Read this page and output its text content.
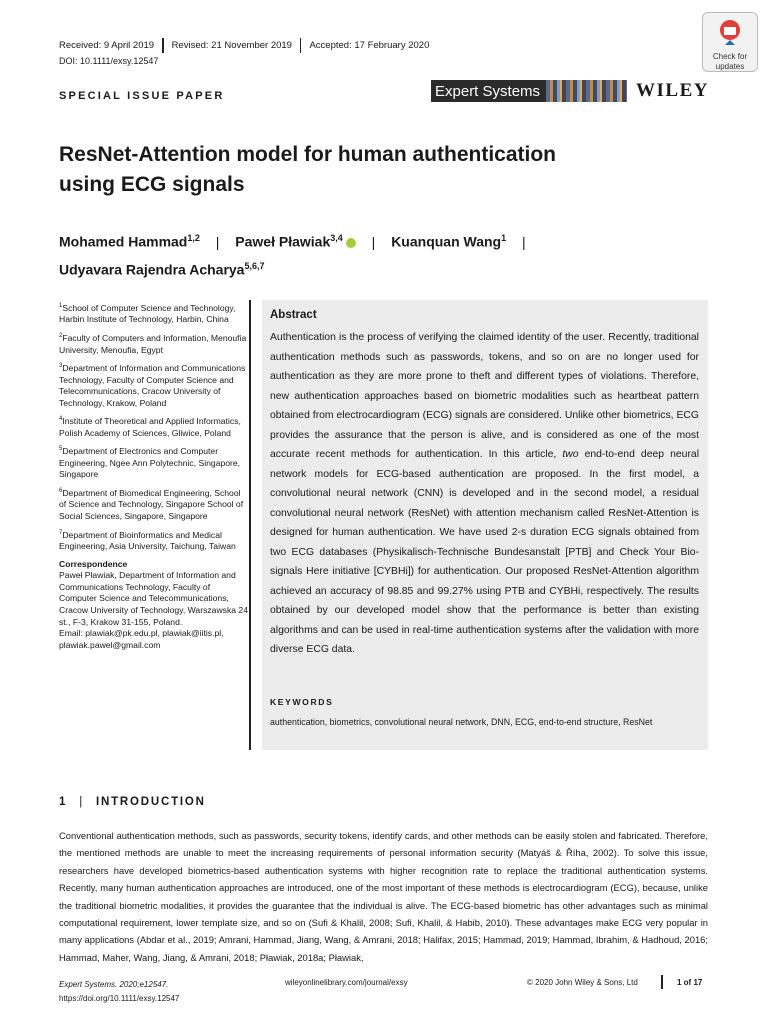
Received: 9 April 2019 Revised: 21 November 2019 Accepted: 17 February 2020
DOI: 10.1111/exsy.12547
SPECIAL ISSUE PAPER	Expert Systems	WILEY
Check for
updates
ResNet-Attention model for human authentication
using ECG signals
Mohamed Hammad$^{1,2}$ | Paweł Pławiak$^{3,4}$ | Kuanquan Wang$^1$ |
Udyavara Rajendra Acharya$^{5,6,7}$

$^1$School of Computer Science and Technology, Harbin Institute of Technology, Harbin, China

$^2$Faculty of Computers and Information, Menoufia University, Menoufia, Egypt

$^3$Department of Information and Communications Technology, Faculty of Computer Science and Telecommunications, Cracow University of Technology, Krakow, Poland

$^4$Institute of Theoretical and Applied Informatics, Polish Academy of Sciences, Gliwice, Poland

$^5$Department of Electronics and Computer Engineering, Ngee Ann Polytechnic, Singapore, Singapore

$^6$Department of Biomedical Engineering, School of Science and Technology, Singapore School of Social Sciences, Singapore, Singapore

$^7$Department of Bioinformatics and Medical Engineering, Asia University, Taichung, Taiwan

Correspondence
Paweł Pławiak, Department of Information and Communications Technology, Faculty of Computer Science and Telecommunications, Cracow University of Technology, Warszawska 24 st., F-3, Krakow 31-155, Poland.
Email: plawiak@pk.edu.pl, plawiak@iitis.pl, plawiak.pawel@gmail.com
Abstract
Authentication is the process of verifying the claimed identity of the user. Recently, traditional authentication methods such as passwords, tokens, and so on are no longer used for authentication as they are more prone to theft and different types of violations. Therefore, new authentication approaches based on biometric modalities such as heartbeat pattern obtained from electrocardiogram (ECG) signals are considered. Unlike other biometrics, ECG provides the assurance that the person is alive, and is considered as one of the most accurate recent methods for authentication. In this article, two end-to-end deep neural network models for ECG-based authentication are proposed. In the first model, a convolutional neural network (CNN) is developed and in the second model, a residual convolutional neural network (ResNet) with attention mechanism called ResNet-Attention is designed for human authentication. We have used 2-s duration ECG signals obtained from two ECG databases (Physikalisch-Technische Bundesanstalt [PTB] and Check Your Bio-signals Here initiative [CYBHi]) for authentication. Our proposed ResNet-Attention algorithm achieved an accuracy of 98.85 and 99.27% using PTB and CYBHi, respectively. The results obtained by our developed model show that the performance is better than existing algorithms and can be used in real-time authentication systems after the validation with more diverse ECG data.
KEYWORDS
authentication, biometrics, convolutional neural network, DNN, ECG, end-to-end structure, ResNet
1 | INTRODUCTION
Conventional authentication methods, such as passwords, security tokens, identify cards, and other methods can be easily stolen and fabricated. Therefore, the mentioned methods are unable to meet the increasing requirements of personal information security (Matyáš & Říha, 2002). To solve this issue, researchers have developed biometrics-based authentication systems with higher recognition rate to replace the traditional authentication systems. Recently, many human authentication approaches are introduced, one of the most important of these methods is electrocardiogram (ECG), because, unlike the traditional biometric modalities, it provides the guarantee that the individual is alive. The ECG-based biometric has other advantages such as minimal computational requirement, lower template size, and so on (Sufi & Khalil, 2008; Sufi, Khalil, & Habib, 2010). These advantages make ECG very popular in many applications (Abdar et al., 2019; Amrani, Hammad, Jiang, Wang, & Amrani, 2018; Halifax, 2015; Hammad, 2019; Hammad, Ibrahim, & Hadhoud, 2016; Hammad, Maher, Wang, Jiang, & Amrani, 2018; Pławiak, 2018a; Pławiak,
Expert Systems. 2020;e12547.
https://doi.org/10.1111/exsy.12547
wileyonlinelibrary.com/journal/exsy	© 2020 John Wiley & Sons, Ltd	1 of 17
